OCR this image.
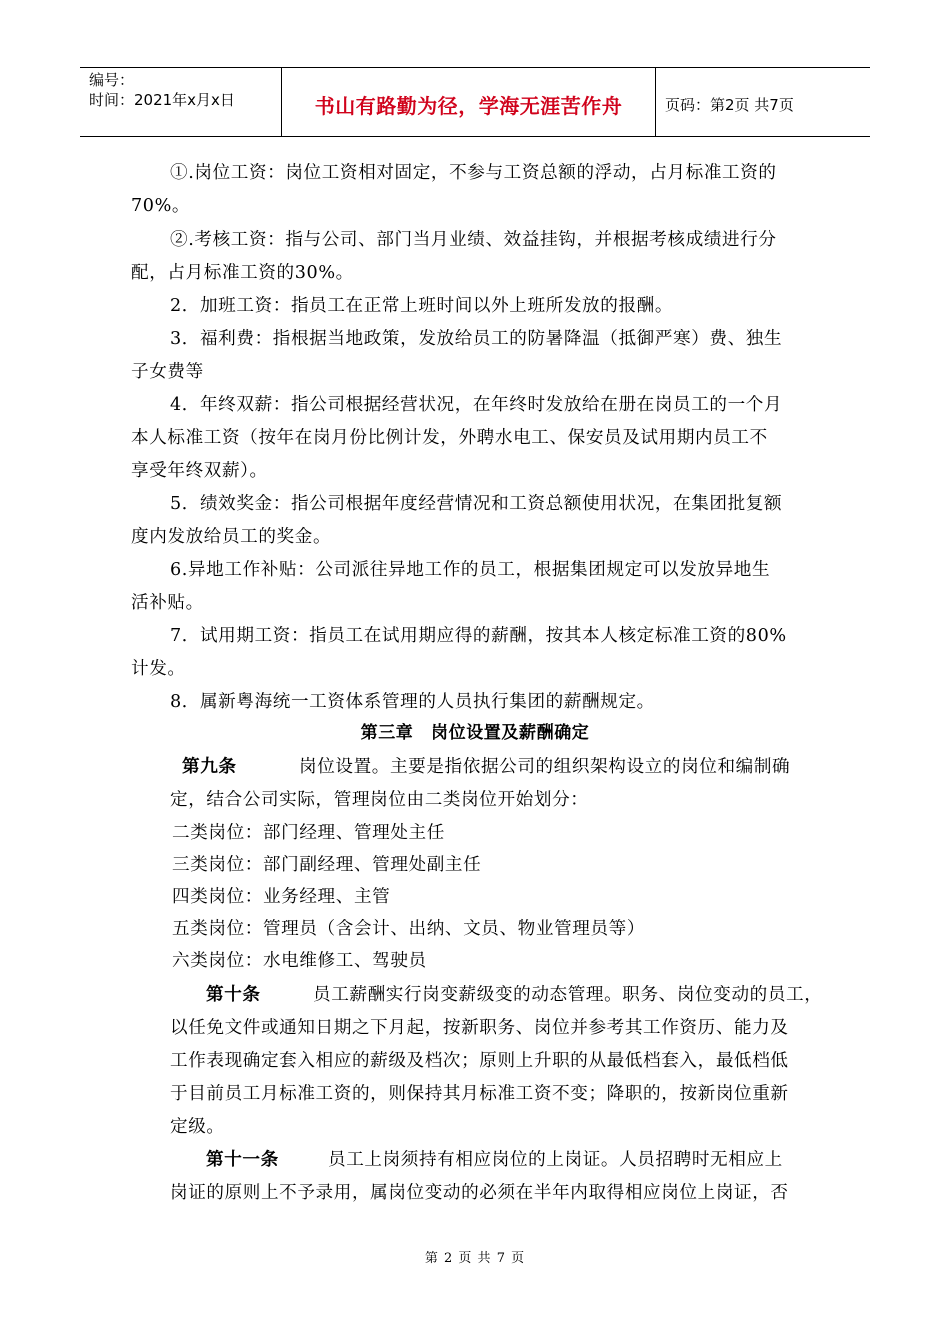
编号：
时间：2021年x月x日	书山有路勤为径，学海无涯苦作舟	页码：第2页 共7页
①.岗位工资：岗位工资相对固定，不参与工资总额的浮动，占月标准工资的
70%。
②.考核工资：指与公司、部门当月业绩、效益挂钩，并根据考核成绩进行分
配，占月标准工资的30%。
2．加班工资：指员工在正常上班时间以外上班所发放的报酬。
3．福利费：指根据当地政策，发放给员工的防暑降温（抵御严寒）费、独生
子女费等
4．年终双薪：指公司根据经营状况，在年终时发放给在册在岗员工的一个月
本人标准工资（按年在岗月份比例计发，外聘水电工、保安员及试用期内员工不
享受年终双薪）。
5．绩效奖金：指公司根据年度经营情况和工资总额使用状况，在集团批复额
度内发放给员工的奖金。
6.异地工作补贴：公司派往异地工作的员工，根据集团规定可以发放异地生
活补贴。
7．试用期工资：指员工在试用期应得的薪酬，按其本人核定标准工资的80%
计发。
8．属新粤海统一工资体系管理的人员执行集团的薪酬规定。
第三章　岗位设置及薪酬确定
第九条	岗位设置。主要是指依据公司的组织架构设立的岗位和编制确
定，结合公司实际，管理岗位由二类岗位开始划分：
二类岗位：部门经理、管理处主任
三类岗位：部门副经理、管理处副主任
四类岗位：业务经理、主管
五类岗位：管理员（含会计、出纳、文员、物业管理员等）
六类岗位：水电维修工、驾驶员
第十条	员工薪酬实行岗变薪级变的动态管理。职务、岗位变动的员工，
以任免文件或通知日期之下月起，按新职务、岗位并参考其工作资历、能力及
工作表现确定套入相应的薪级及档次；原则上升职的从最低档套入，最低档低
于目前员工月标准工资的，则保持其月标准工资不变；降职的，按新岗位重新
定级。
第十一条	员工上岗须持有相应岗位的上岗证。人员招聘时无相应上
岗证的原则上不予录用，属岗位变动的必须在半年内取得相应岗位上岗证，否
第 2 页 共 7 页
